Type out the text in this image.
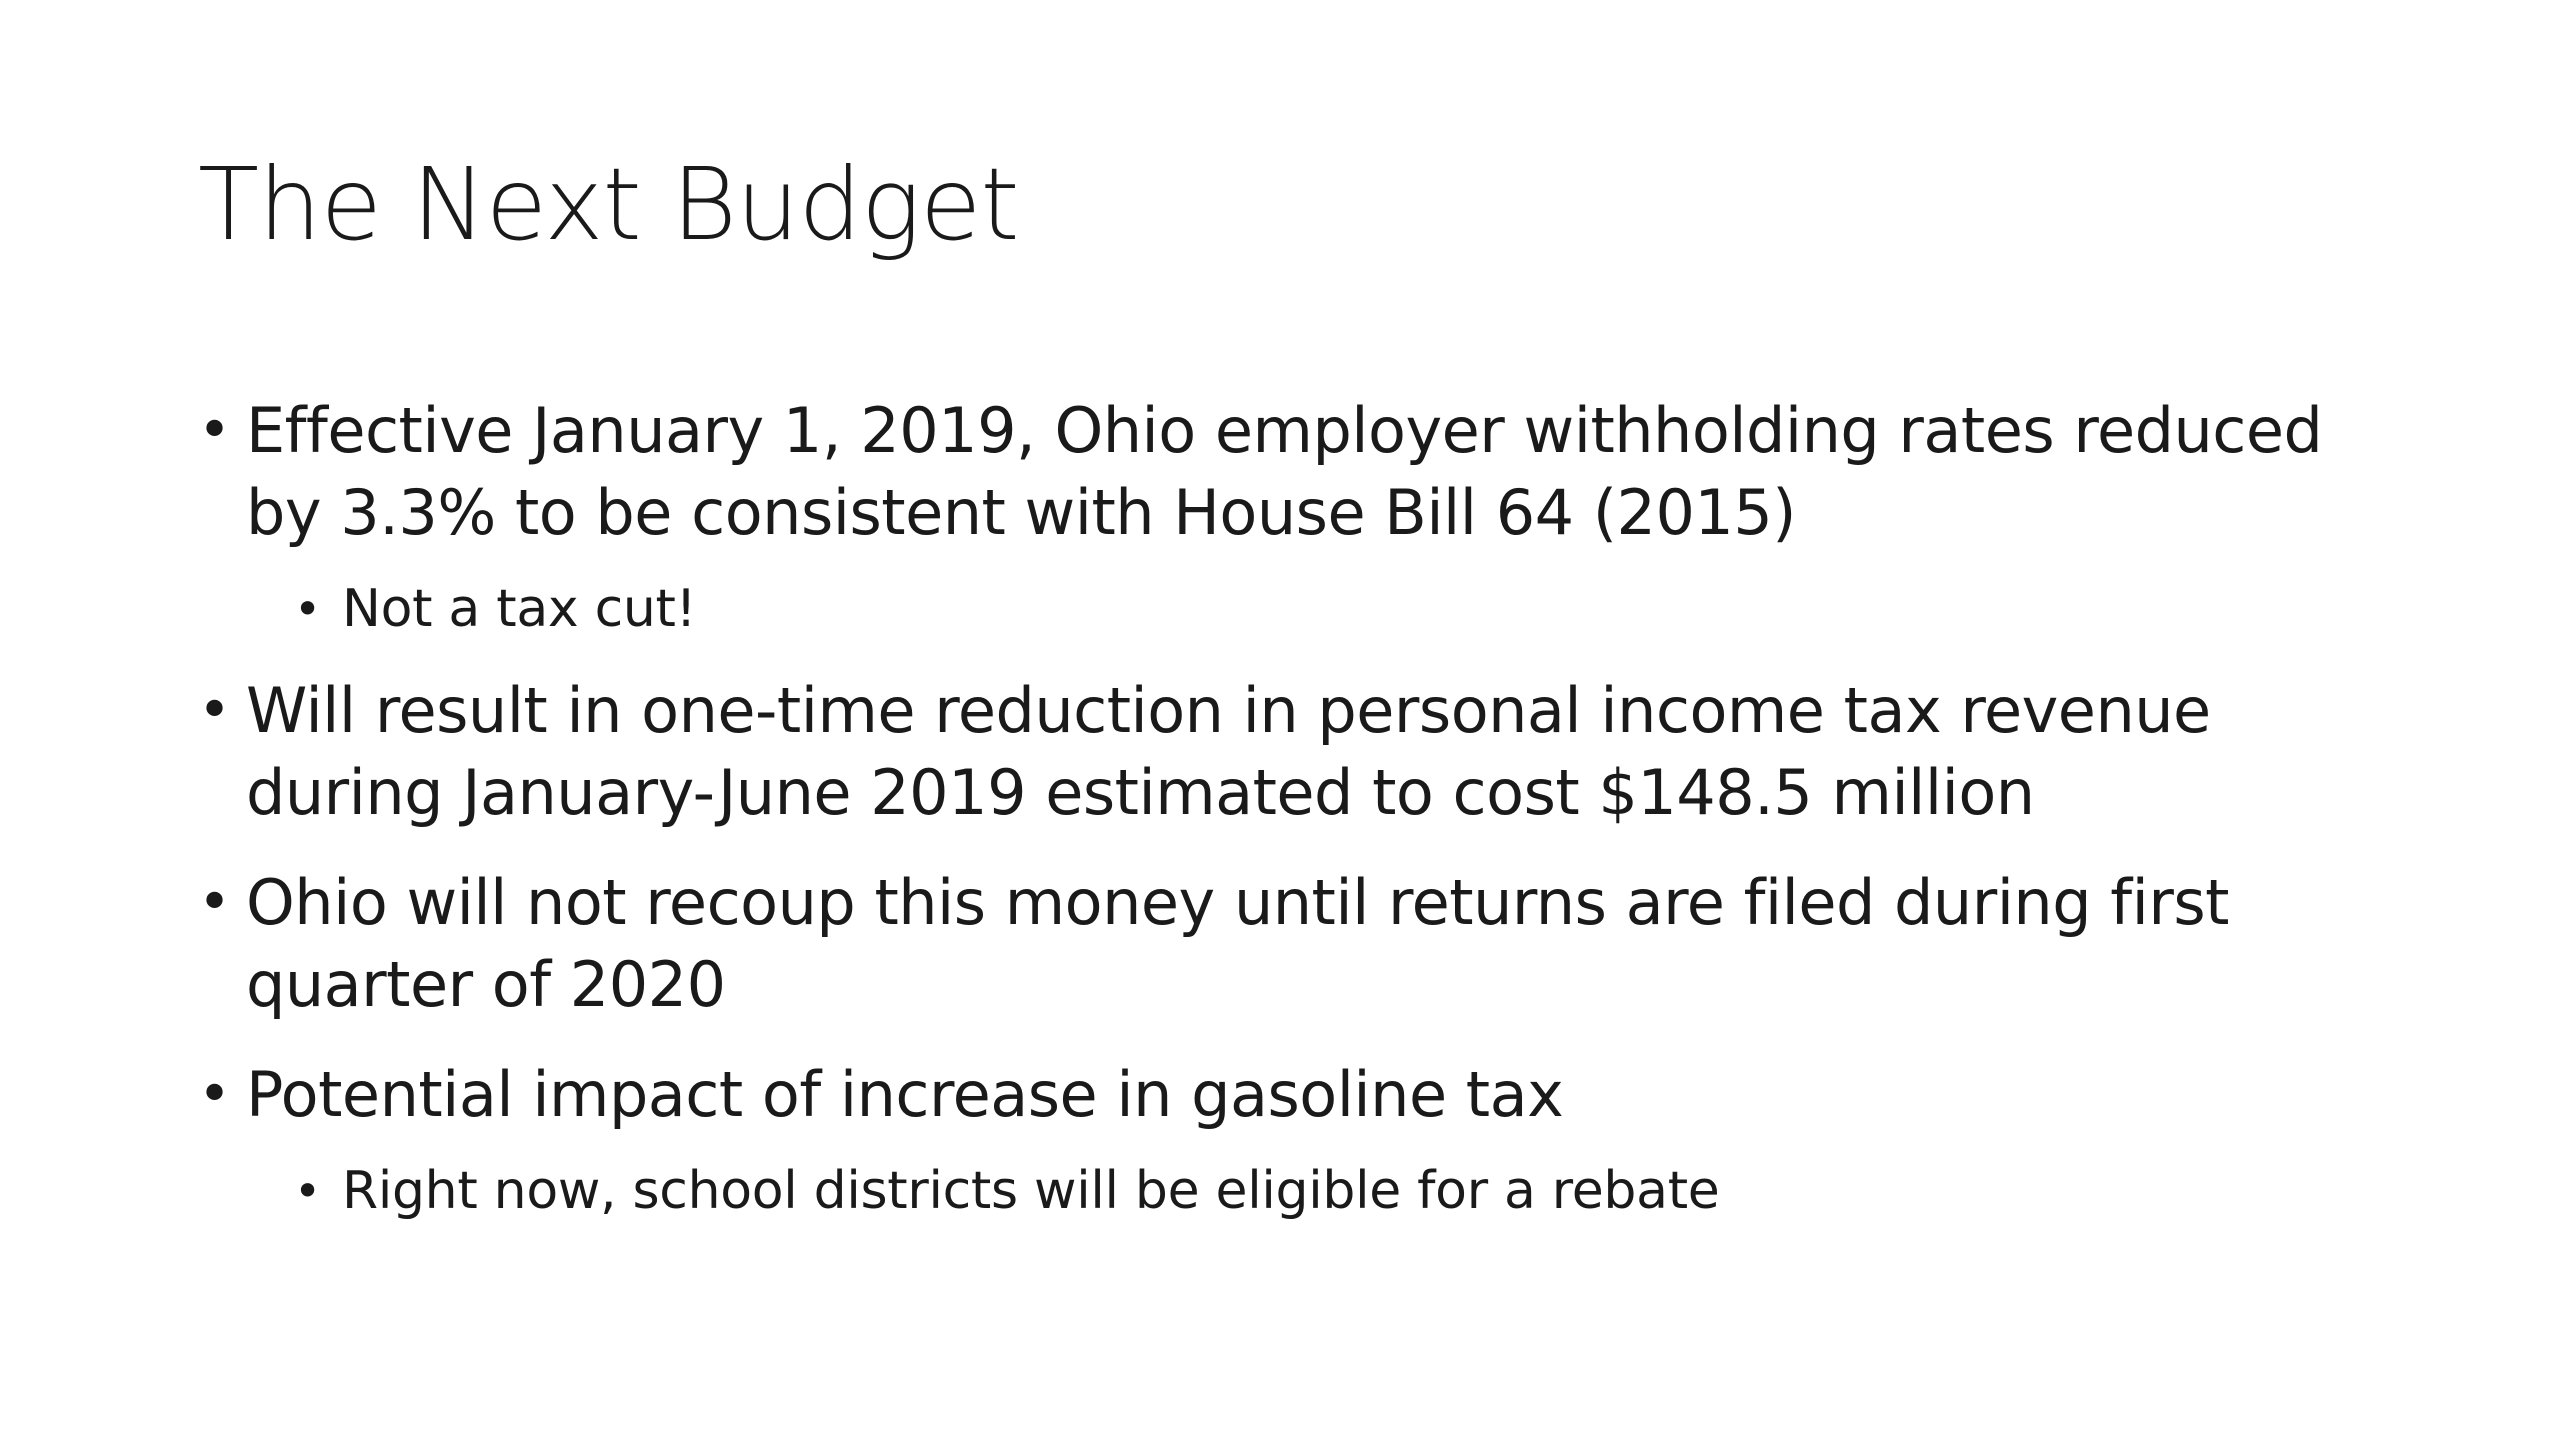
The Next Budget
• Effective January 1, 2019, Ohio employer withholding rates reduced by 3.3% to be consistent with House Bill 64 (2015)
• Not a tax cut!
• Will result in one-time reduction in personal income tax revenue during January-June 2019 estimated to cost $148.5 million
• Ohio will not recoup this money until returns are filed during first quarter of 2020
• Potential impact of increase in gasoline tax
• Right now, school districts will be eligible for a rebate
